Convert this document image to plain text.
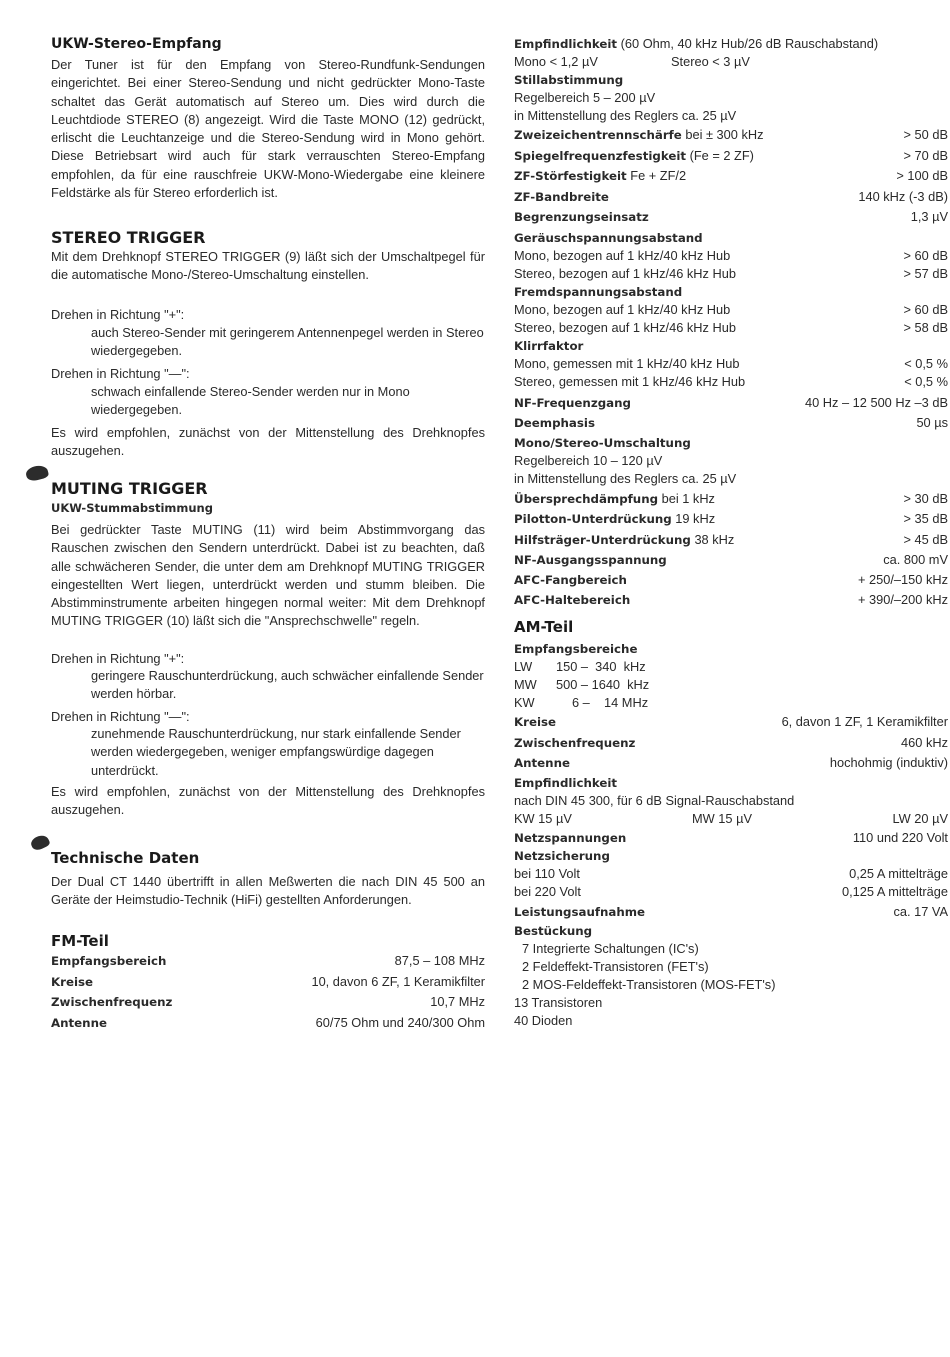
UKW-Stereo-Empfang

Der Tuner ist für den Empfang von Stereo-Rundfunk-Sendungen eingerichtet. Bei einer Stereo-Sendung und nicht gedrückter Mono-Taste schaltet das Gerät automatisch auf Stereo um. Dies wird durch die Leuchtdiode STEREO (8) angezeigt. Wird die Taste MONO (12) gedrückt, erlischt die Leuchtanzeige und die Stereo-Sendung wird in Mono gehört. Diese Betriebsart wird auch für stark verrauschten Stereo-Empfang empfohlen, da für eine rauschfreie UKW-Mono-Wiedergabe eine kleinere Feldstärke als für Stereo erforderlich ist.

STEREO TRIGGER

Mit dem Drehknopf STEREO TRIGGER (9) läßt sich der Umschaltpegel für die automatische Mono-/Stereo-Umschaltung einstellen.

Drehen in Richtung "+":

auch Stereo-Sender mit geringerem Antennenpegel werden in Stereo wiedergegeben.

Drehen in Richtung "—":

schwach einfallende Stereo-Sender werden nur in Mono wiedergegeben.

Es wird empfohlen, zunächst von der Mittenstellung des Drehknopfes auszugehen.

MUTING TRIGGER
UKW-Stummabstimmung

Bei gedrückter Taste MUTING (11) wird beim Abstimmvorgang das Rauschen zwischen den Sendern unterdrückt. Dabei ist zu beachten, daß alle schwächeren Sender, die unter dem am Drehknopf MUTING TRIGGER eingestellten Wert liegen, unterdrückt werden und stumm bleiben. Die Abstimminstrumente arbeiten hingegen normal weiter: Mit dem Drehknopf MUTING TRIGGER (10) läßt sich die "Ansprechschwelle" regeln.

Drehen in Richtung "+":

geringere Rauschunterdrückung, auch schwächer einfallende Sender werden hörbar.

Drehen in Richtung "—":

zunehmende Rauschunterdrückung, nur stark einfallende Sender werden wiedergegeben, weniger empfangswürdige dagegen unterdrückt.

Es wird empfohlen, zunächst von der Mittenstellung des Drehknopfes auszugehen.

Technische Daten

Der Dual CT 1440 übertrifft in allen Meßwerten die nach DIN 45 500 an Geräte der Heimstudio-Technik (HiFi) gestellten Anforderungen.

FM-Teil
Empfangsbereich	87,5 – 108 MHz
Kreise	10, davon 6 ZF, 1 Keramikfilter
Zwischenfrequenz	10,7 MHz
Antenne	60/75 Ohm und 240/300 Ohm
Empfindlichkeit (60 Ohm, 40 kHz Hub/26 dB Rauschabstand)
Mono < 1,2 µV	Stereo < 3 µV
Stillabstimmung
Regelbereich 5 – 200 µV
in Mittenstellung des Reglers ca. 25 µV
Zweizeichentrennschärfe bei ± 300 kHz	> 50 dB
Spiegelfrequenzfestigkeit (Fe = 2 ZF)	> 70 dB
ZF-Störfestigkeit Fe + ZF/2	> 100 dB
ZF-Bandbreite	140 kHz (-3 dB)
Begrenzungseinsatz	1,3 µV
Geräuschspannungsabstand
Mono, bezogen auf 1 kHz/40 kHz Hub	> 60 dB
Stereo, bezogen auf 1 kHz/46 kHz Hub	> 57 dB
Fremdspannungsabstand
Mono, bezogen auf 1 kHz/40 kHz Hub	> 60 dB
Stereo, bezogen auf 1 kHz/46 kHz Hub	> 58 dB
Klirrfaktor
Mono, gemessen mit 1 kHz/40 kHz Hub	< 0,5 %
Stereo, gemessen mit 1 kHz/46 kHz Hub	< 0,5 %
NF-Frequenzgang	40 Hz – 12 500 Hz –3 dB
Deemphasis	50 µs
Mono/Stereo-Umschaltung
Regelbereich 10 – 120 µV
in Mittenstellung des Reglers ca. 25 µV
Übersprechdämpfung bei 1 kHz	> 30 dB
Pilotton-Unterdrückung 19 kHz	> 35 dB
Hilfsträger-Unterdrückung 38 kHz	> 45 dB
NF-Ausgangsspannung	ca. 800 mV
AFC-Fangbereich	+ 250/–150 kHz
AFC-Haltebereich	+ 390/–200 kHz
AM-Teil
Empfangsbereiche
LW 150 –  340  kHz
MW 500 – 1640  kHz
KW	6 –    14 MHz
Kreise	6, davon 1 ZF, 1 Keramikfilter
Zwischenfrequenz	460 kHz
Antenne	hochohmig (induktiv)
Empfindlichkeit
nach DIN 45 300, für 6 dB Signal-Rauschabstand
KW 15 µV	MW 15 µV	LW 20 µV
Netzspannungen	110 und 220 Volt
Netzsicherung
bei 110 Volt	0,25 A mittelträge
bei 220 Volt	0,125 A mittelträge
Leistungsaufnahme	ca. 17 VA
Bestückung
7 Integrierte Schaltungen (IC's)
2 Feldeffekt-Transistoren (FET's)
2 MOS-Feldeffekt-Transistoren (MOS-FET's)
13 Transistoren
40 Dioden
